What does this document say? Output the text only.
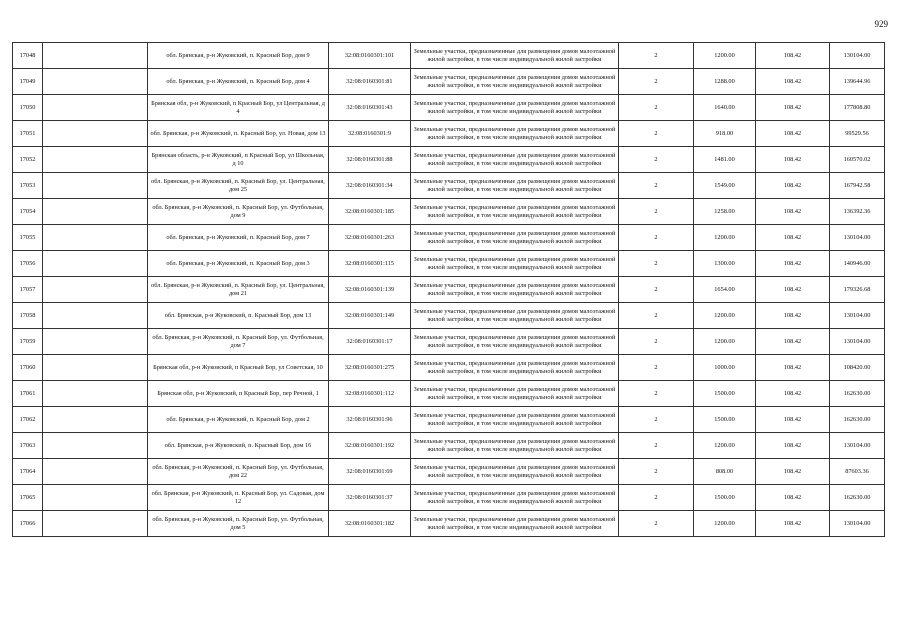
929
17048		обл. Брянская, р-н Жуковский, п. Красный Бор, дом 9	32:08:0160301:101	Земельные участки, предназначенные для размещения домов малоэтажной жилой застройки, в том числе индивидуальной жилой застройки	2	1200.00	108.42	130104.00
17049		обл. Брянская, р-н Жуковский, п. Красный Бор, дом 4	32:08:0160301:81	Земельные участки, предназначенные для размещения домов малоэтажной жилой застройки, в том числе индивидуальной жилой застройки	2	1288.00	108.42	139644.96
17050		Брянская обл, р-н Жуковский, п Красный Бор, ул Центральная, д 4	32:08:0160301:43	Земельные участки, предназначенные для размещения домов малоэтажной жилой застройки, в том числе индивидуальной жилой застройки	2	1640.00	108.42	177808.80
17051		обл. Брянская, р-н Жуковский, п. Красный Бор, ул. Новая, дом 13	32:08:0160301:9	Земельные участки, предназначенные для размещения домов малоэтажной жилой застройки, в том числе индивидуальной жилой застройки	2	918.00	108.42	99529.56
17052		Брянская область, р-н Жуковский, п Красный Бор, ул Школьная, д 10	32:08:0160301:88	Земельные участки, предназначенные для размещения домов малоэтажной жилой застройки, в том числе индивидуальной жилой застройки	2	1481.00	108.42	160570.02
17053		обл. Брянская, р-н Жуковский, п. Красный Бор, ул. Центральная, дом 25	32:08:0160301:34	Земельные участки, предназначенные для размещения домов малоэтажной жилой застройки, в том числе индивидуальной жилой застройки	2	1549.00	108.42	167942.58
17054		обл. Брянская, р-н Жуковский, п. Красный Бор, ул. Футбольная, дом 9	32:08:0160301:185	Земельные участки, предназначенные для размещения домов малоэтажной жилой застройки, в том числе индивидуальной жилой застройки	2	1258.00	108.42	136392.36
17055		обл. Брянская, р-н Жуковский, п. Красный Бор, дом 7	32:08:0160301:263	Земельные участки, предназначенные для размещения домов малоэтажной жилой застройки, в том числе индивидуальной жилой застройки	2	1200.00	108.42	130104.00
17056		обл. Брянская, р-н Жуковский, п. Красный Бор, дом 3	32:08:0160301:115	Земельные участки, предназначенные для размещения домов малоэтажной жилой застройки, в том числе индивидуальной жилой застройки	2	1300.00	108.42	140946.00
17057		обл. Брянская, р-н Жуковский, п. Красный Бор, ул. Центральная, дом 21	32:08:0160301:139	Земельные участки, предназначенные для размещения домов малоэтажной жилой застройки, в том числе индивидуальной жилой застройки	2	1654.00	108.42	179326.68
17058		обл. Брянская, р-н Жуковский, п. Красный Бор, дом 13	32:08:0160301:149	Земельные участки, предназначенные для размещения домов малоэтажной жилой застройки, в том числе индивидуальной жилой застройки	2	1200.00	108.42	130104.00
17059		обл. Брянская, р-н Жуковский, п. Красный Бор, ул. Футбольная, дом 7	32:08:0160301:17	Земельные участки, предназначенные для размещения домов малоэтажной жилой застройки, в том числе индивидуальной жилой застройки	2	1200.00	108.42	130104.00
17060		Брянская обл, р-н Жуковский, п Красный Бор, ул Советская, 10	32:08:0160301:275	Земельные участки, предназначенные для размещения домов малоэтажной жилой застройки, в том числе индивидуальной жилой застройки	2	1000.00	108.42	108420.00
17061		Брянская обл, р-н Жуковский, п Красный Бор, пер Речной, 1	32:08:0160301:112	Земельные участки, предназначенные для размещения домов малоэтажной жилой застройки, в том числе индивидуальной жилой застройки	2	1500.00	108.42	162630.00
17062		обл. Брянская, р-н Жуковский, п. Красный Бор, дом 2	32:08:0160301:96	Земельные участки, предназначенные для размещения домов малоэтажной жилой застройки, в том числе индивидуальной жилой застройки	2	1500.00	108.42	162630.00
17063		обл. Брянская, р-н Жуковский, п. Красный Бор, дом 16	32:08:0160301:192	Земельные участки, предназначенные для размещения домов малоэтажной жилой застройки, в том числе индивидуальной жилой застройки	2	1200.00	108.42	130104.00
17064		обл. Брянская, р-н Жуковский, п. Красный Бор, ул. Футбольная, дом 22	32:08:0160301:69	Земельные участки, предназначенные для размещения домов малоэтажной жилой застройки, в том числе индивидуальной жилой застройки	2	808.00	108.42	87603.36
17065		обл. Брянская, р-н Жуковский, п. Красный Бор, ул. Садовая, дом 12	32:08:0160301:37	Земельные участки, предназначенные для размещения домов малоэтажной жилой застройки, в том числе индивидуальной жилой застройки	2	1500.00	108.42	162630.00
17066		обл. Брянская, р-н Жуковский, п. Красный Бор, ул. Футбольная, дом 5	32:08:0160301:182	Земельные участки, предназначенные для размещения домов малоэтажной жилой застройки, в том числе индивидуальной жилой застройки	2	1200.00	108.42	130104.00
